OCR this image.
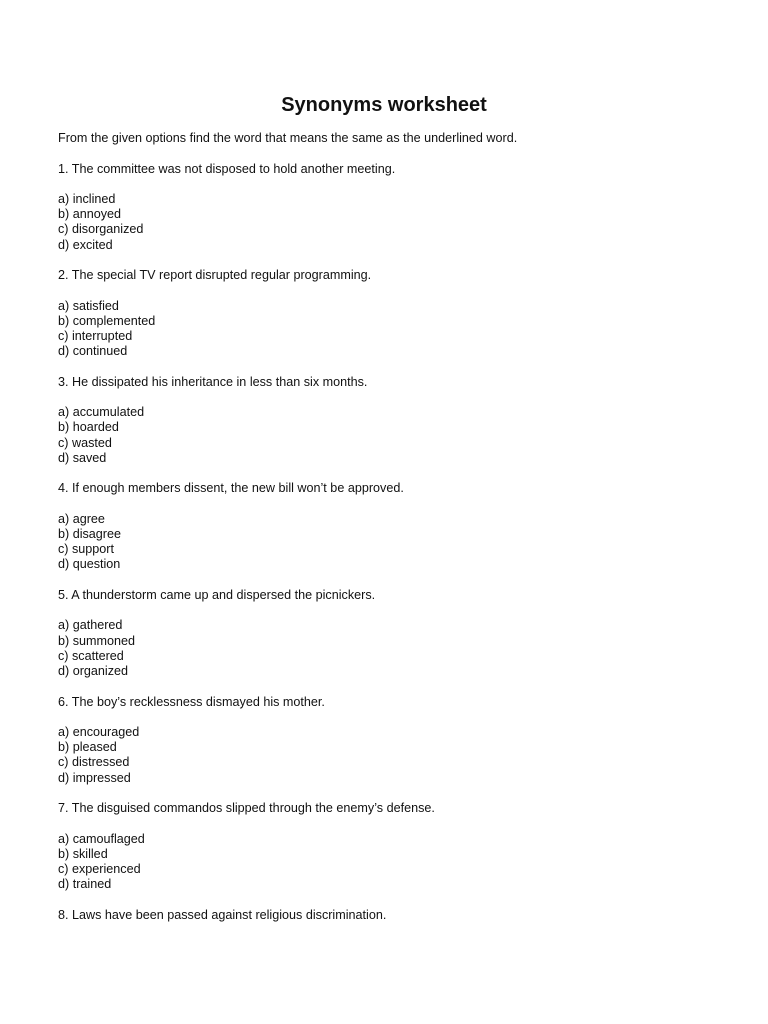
Synonyms worksheet

From the given options find the word that means the same as the underlined word.

1. The committee was not disposed to hold another meeting.

a) inclined
b) annoyed
c) disorganized
d) excited

2. The special TV report disrupted regular programming.

a) satisfied
b) complemented
c) interrupted
d) continued

3. He dissipated his inheritance in less than six months.

a) accumulated
b) hoarded
c) wasted
d) saved

4. If enough members dissent, the new bill won’t be approved.

a) agree
b) disagree
c) support
d) question

5. A thunderstorm came up and dispersed the picnickers.

a) gathered
b) summoned
c) scattered
d) organized

6. The boy’s recklessness dismayed his mother.

a) encouraged
b) pleased
c) distressed
d) impressed

7. The disguised commandos slipped through the enemy’s defense.

a) camouflaged
b) skilled
c) experienced
d) trained

8. Laws have been passed against religious discrimination.
